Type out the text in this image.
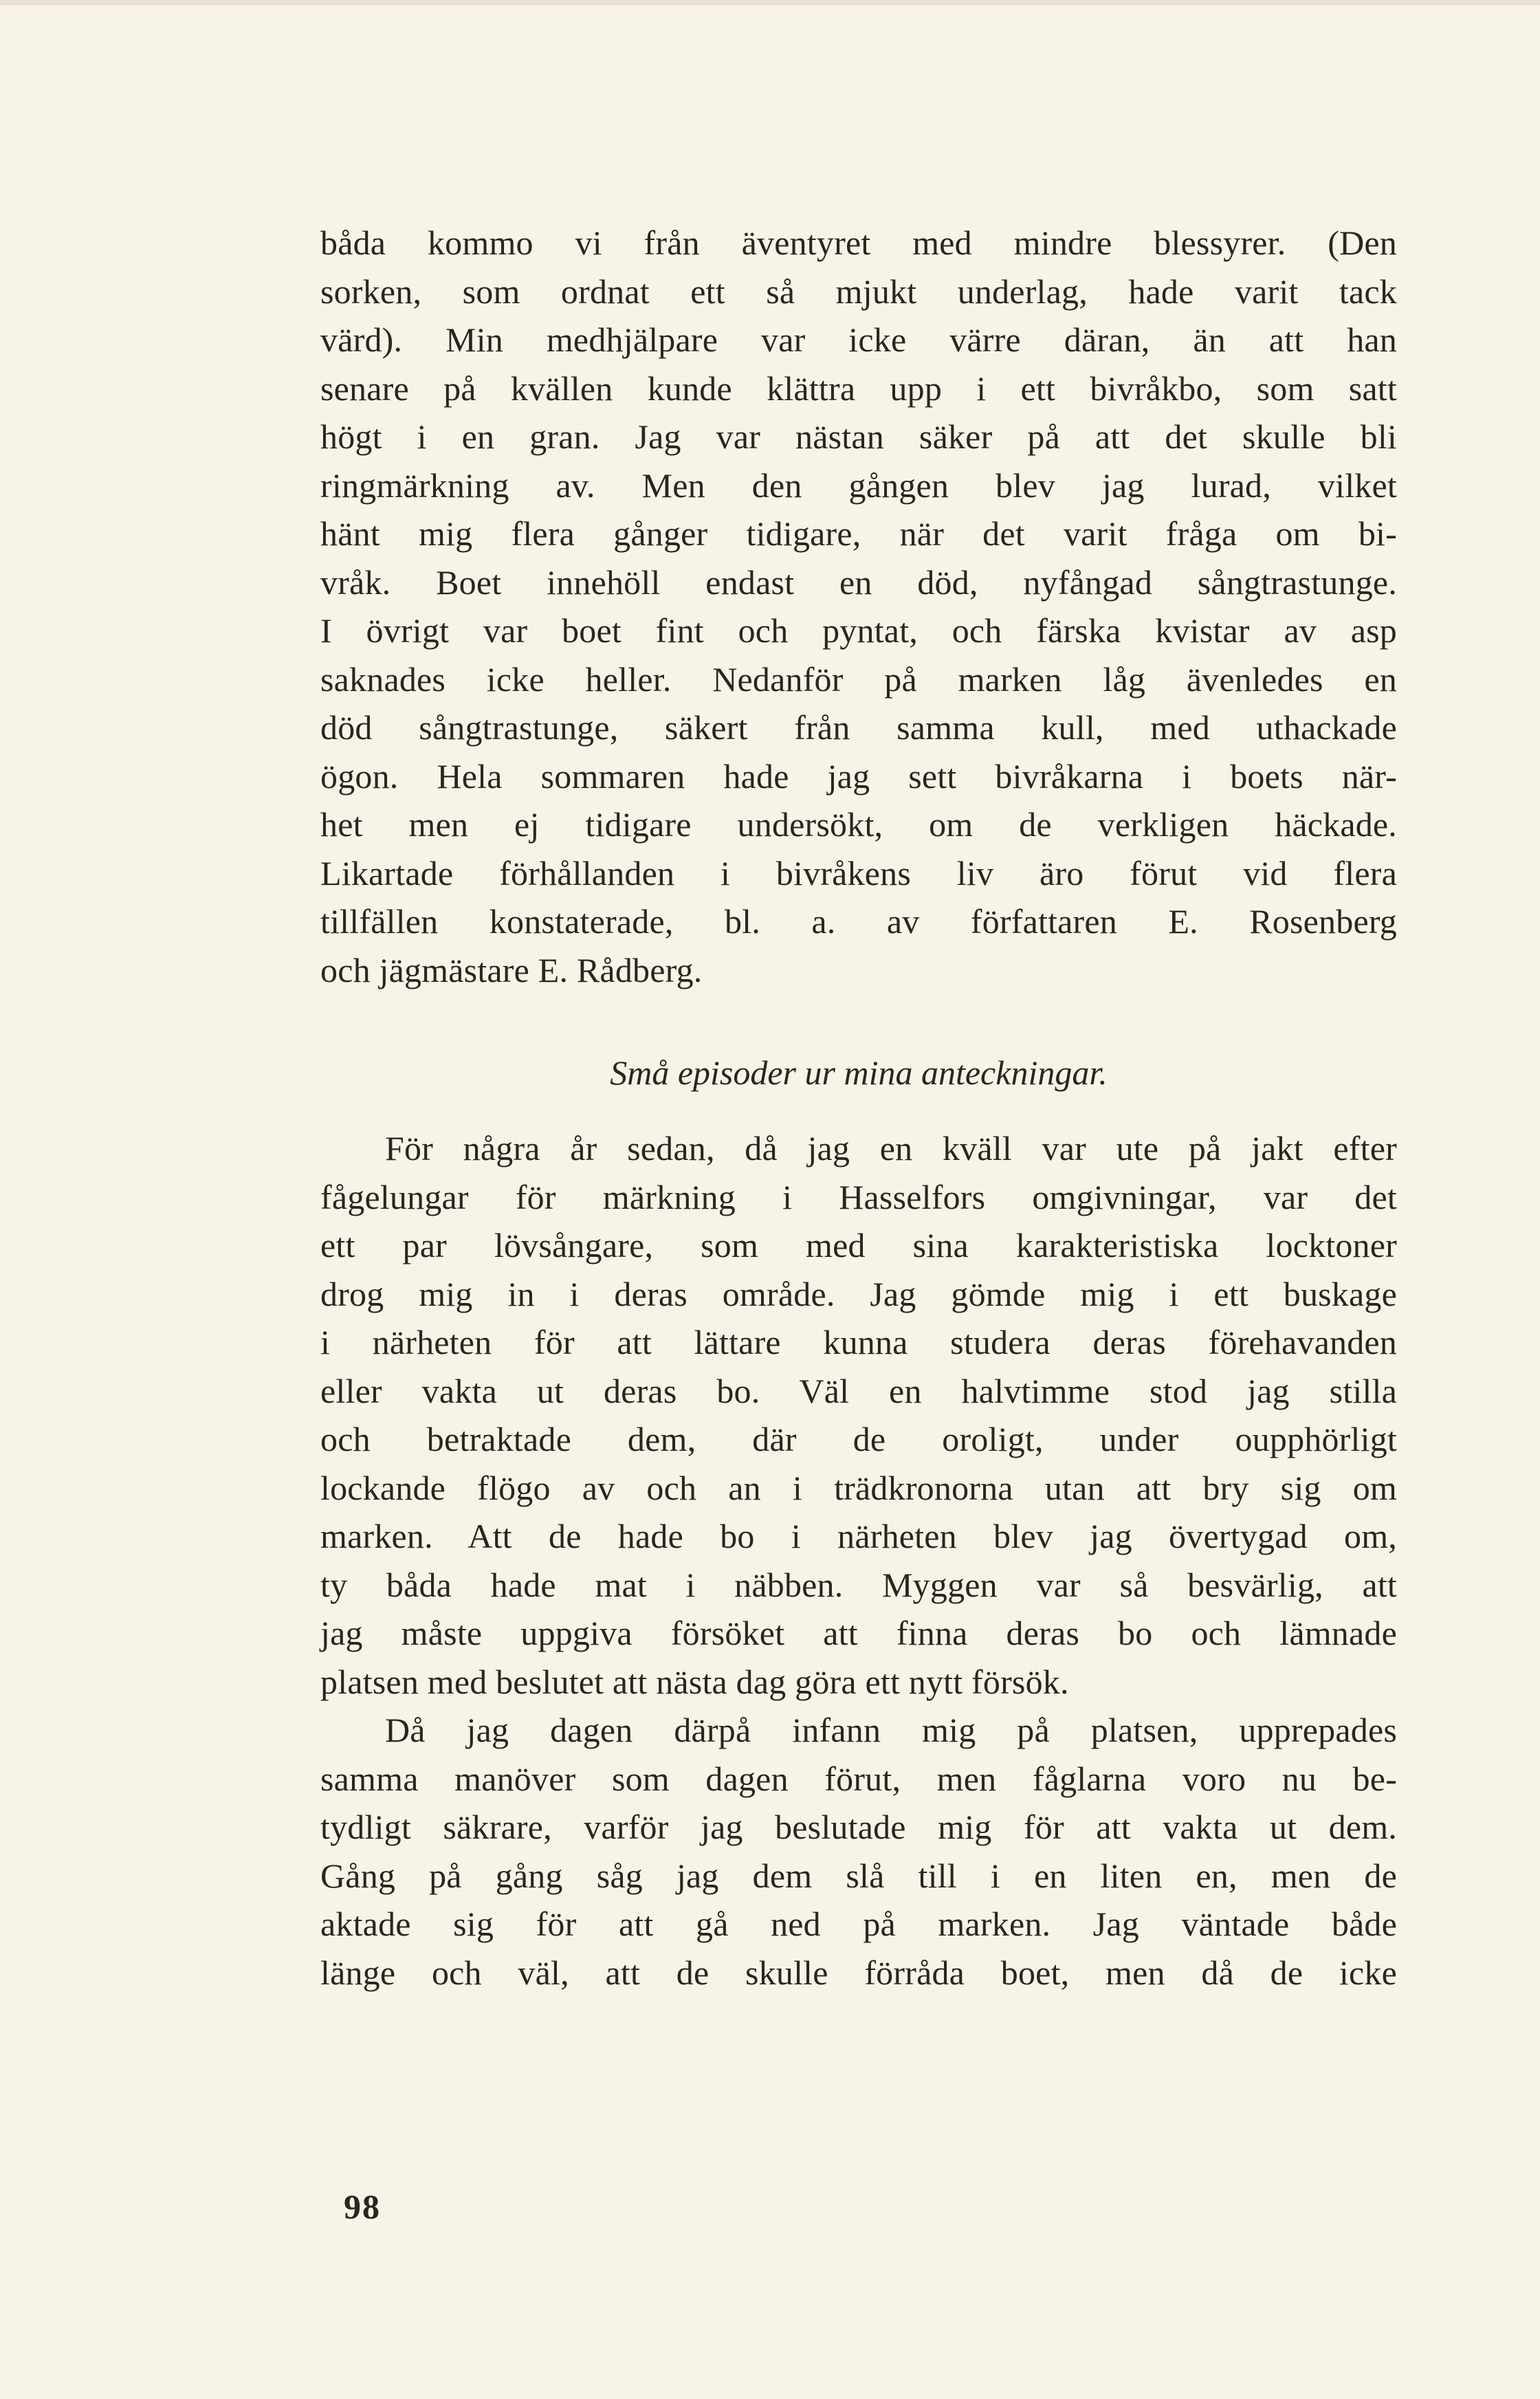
båda kommo vi från äventyret med mindre blessyrer. (Den
sorken, som ordnat ett så mjukt underlag, hade varit tack
värd). Min medhjälpare var icke värre däran, än att han
senare på kvällen kunde klättra upp i ett bivråkbo, som satt
högt i en gran. Jag var nästan säker på att det skulle bli
ringmärkning av. Men den gången blev jag lurad, vilket
hänt mig flera gånger tidigare, när det varit fråga om bi-
vråk. Boet innehöll endast en död, nyfångad sångtrastunge.
I övrigt var boet fint och pyntat, och färska kvistar av asp
saknades icke heller. Nedanför på marken låg ävenledes en
död sångtrastunge, säkert från samma kull, med uthackade
ögon. Hela sommaren hade jag sett bivråkarna i boets när-
het men ej tidigare undersökt, om de verkligen häckade.
Likartade förhållanden i bivråkens liv äro förut vid flera
tillfällen konstaterade, bl. a. av författaren E. Rosenberg
och jägmästare E. Rådberg.
Små episoder ur mina anteckningar.
För några år sedan, då jag en kväll var ute på jakt efter
fågelungar för märkning i Hasselfors omgivningar, var det
ett par lövsångare, som med sina karakteristiska locktoner
drog mig in i deras område. Jag gömde mig i ett buskage
i närheten för att lättare kunna studera deras förehavanden
eller vakta ut deras bo. Väl en halvtimme stod jag stilla
och betraktade dem, där de oroligt, under oupphörligt
lockande flögo av och an i trädkronorna utan att bry sig om
marken. Att de hade bo i närheten blev jag övertygad om,
ty båda hade mat i näbben. Myggen var så besvärlig, att
jag måste uppgiva försöket att finna deras bo och lämnade
platsen med beslutet att nästa dag göra ett nytt försök.
Då jag dagen därpå infann mig på platsen, upprepades
samma manöver som dagen förut, men fåglarna voro nu be-
tydligt säkrare, varför jag beslutade mig för att vakta ut dem.
Gång på gång såg jag dem slå till i en liten en, men de
aktade sig för att gå ned på marken. Jag väntade både
länge och väl, att de skulle förråda boet, men då de icke
98
